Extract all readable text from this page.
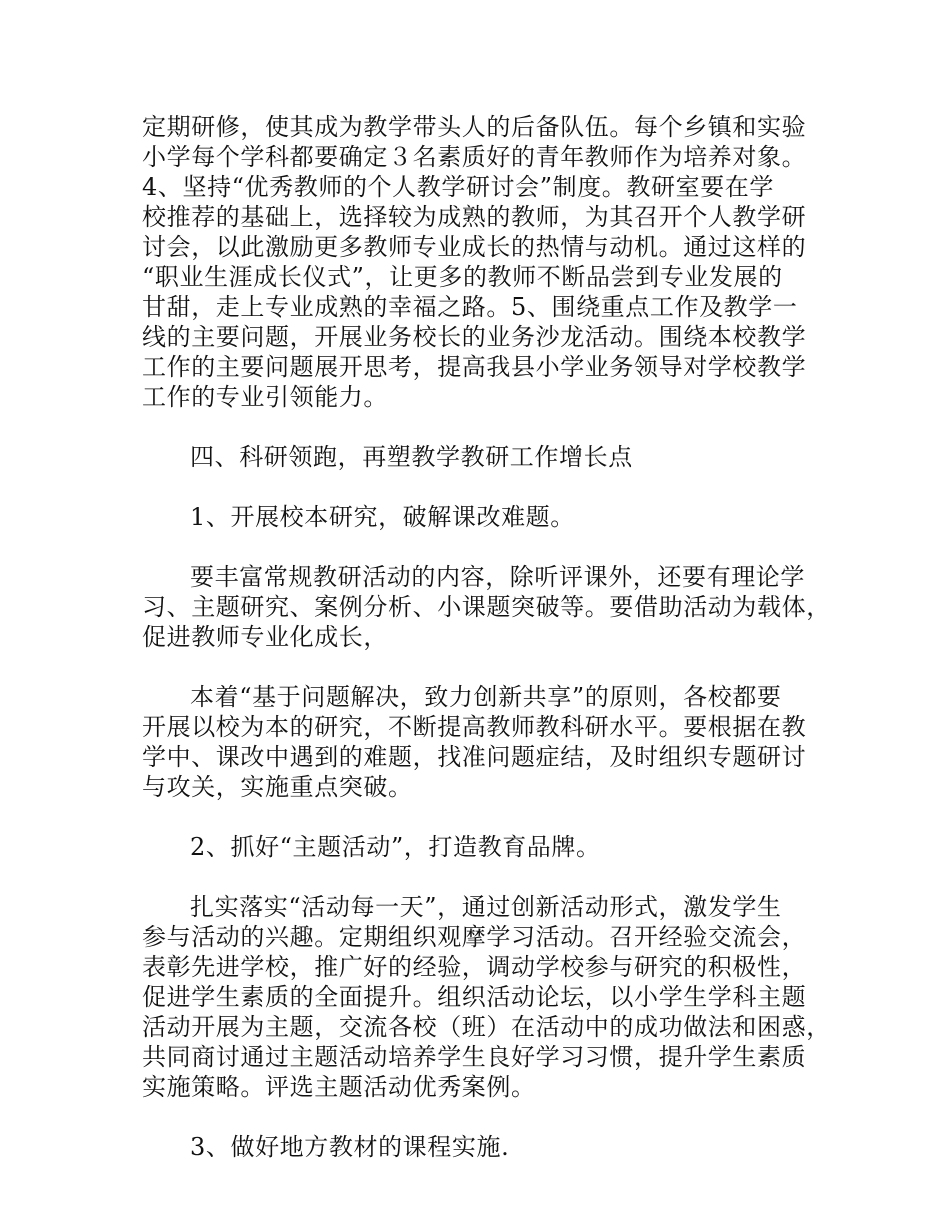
定期研修，使其成为教学带头人的后备队伍。每个乡镇和实验
小学每个学科都要确定３名素质好的青年教师作为培养对象。
4、坚持“优秀教师的个人教学研讨会”制度。教研室要在学
校推荐的基础上，选择较为成熟的教师，为其召开个人教学研
讨会，以此激励更多教师专业成长的热情与动机。通过这样的
“职业生涯成长仪式”，让更多的教师不断品尝到专业发展的
甘甜，走上专业成熟的幸福之路。5、围绕重点工作及教学一
线的主要问题，开展业务校长的业务沙龙活动。围绕本校教学
工作的主要问题展开思考，提高我县小学业务领导对学校教学
工作的专业引领能力。
四、科研领跑，再塑教学教研工作增长点
1、开展校本研究，破解课改难题。
要丰富常规教研活动的内容，除听评课外，还要有理论学
习、主题研究、案例分析、小课题突破等。要借助活动为载体，
促进教师专业化成长，
本着“基于问题解决，致力创新共享”的原则，各校都要
开展以校为本的研究，不断提高教师教科研水平。要根据在教
学中、课改中遇到的难题，找准问题症结，及时组织专题研讨
与攻关，实施重点突破。
2、抓好“主题活动”，打造教育品牌。
扎实落实“活动每一天”，通过创新活动形式，激发学生
参与活动的兴趣。定期组织观摩学习活动。召开经验交流会，
表彰先进学校，推广好的经验，调动学校参与研究的积极性，
促进学生素质的全面提升。组织活动论坛，以小学生学科主题
活动开展为主题，交流各校（班）在活动中的成功做法和困惑，
共同商讨通过主题活动培养学生良好学习习惯，提升学生素质
实施策略。评选主题活动优秀案例。
3、做好地方教材的课程实施.
